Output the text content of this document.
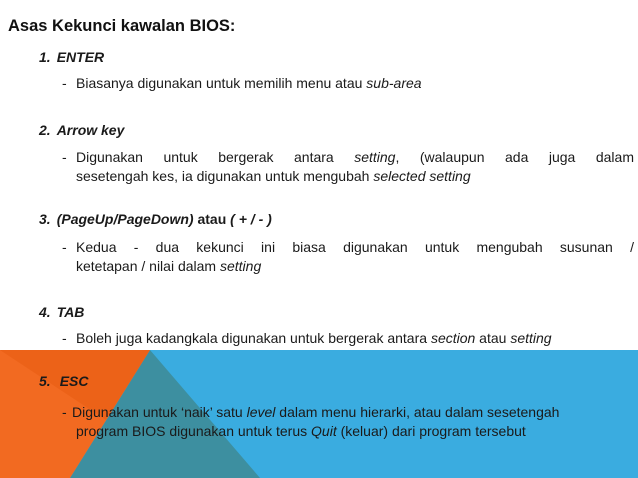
Asas Kekunci kawalan BIOS:
1. ENTER
- Biasanya digunakan untuk memilih menu atau sub-area
2. Arrow key
- Digunakan untuk bergerak antara setting, (walaupun ada juga dalam
sesetengah kes, ia digunakan untuk mengubah selected setting
3. (PageUp/PageDown) atau ( + / - )
- Kedua - dua kekunci ini biasa digunakan untuk mengubah susunan /
ketetapan / nilai dalam setting
4. TAB
- Boleh juga kadangkala digunakan untuk bergerak antara section atau setting
5. ESC
- Digunakan untuk ‘naik’ satu level dalam menu hierarki, atau dalam sesetengah
program BIOS digunakan untuk terus Quit (keluar) dari program tersebut
